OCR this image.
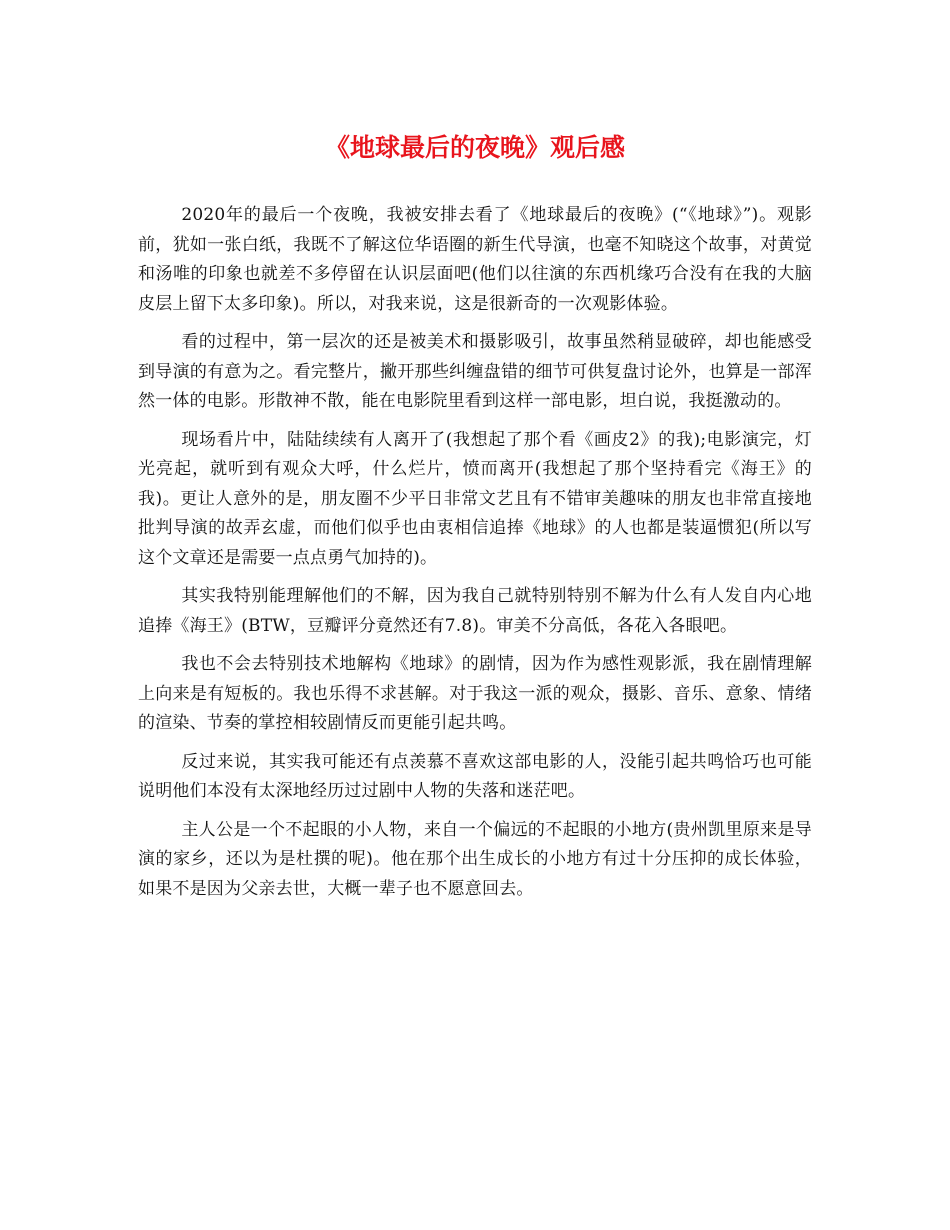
《地球最后的夜晚》观后感

2020年的最后一个夜晚，我被安排去看了《地球最后的夜晚》(“《地球》”)。观影前，犹如一张白纸，我既不了解这位华语圈的新生代导演，也毫不知晓这个故事，对黄觉和汤唯的印象也就差不多停留在认识层面吧(他们以往演的东西机缘巧合没有在我的大脑皮层上留下太多印象)。所以，对我来说，这是很新奇的一次观影体验。

看的过程中，第一层次的还是被美术和摄影吸引，故事虽然稍显破碎，却也能感受到导演的有意为之。看完整片，撇开那些纠缠盘错的细节可供复盘讨论外，也算是一部浑然一体的电影。形散神不散，能在电影院里看到这样一部电影，坦白说，我挺激动的。

现场看片中，陆陆续续有人离开了(我想起了那个看《画皮2》的我);电影演完，灯光亮起，就听到有观众大呼，什么烂片，愤而离开(我想起了那个坚持看完《海王》的我)。更让人意外的是，朋友圈不少平日非常文艺且有不错审美趣味的朋友也非常直接地批判导演的故弄玄虚，而他们似乎也由衷相信追捧《地球》的人也都是装逼惯犯(所以写这个文章还是需要一点点勇气加持的)。

其实我特别能理解他们的不解，因为我自己就特别特别不解为什么有人发自内心地追捧《海王》(BTW，豆瓣评分竟然还有7.8)。审美不分高低，各花入各眼吧。

我也不会去特别技术地解构《地球》的剧情，因为作为感性观影派，我在剧情理解上向来是有短板的。我也乐得不求甚解。对于我这一派的观众，摄影、音乐、意象、情绪的渲染、节奏的掌控相较剧情反而更能引起共鸣。

反过来说，其实我可能还有点羡慕不喜欢这部电影的人，没能引起共鸣恰巧也可能说明他们本没有太深地经历过过剧中人物的失落和迷茫吧。

主人公是一个不起眼的小人物，来自一个偏远的不起眼的小地方(贵州凯里原来是导演的家乡，还以为是杜撰的呢)。他在那个出生成长的小地方有过十分压抑的成长体验，如果不是因为父亲去世，大概一辈子也不愿意回去。
